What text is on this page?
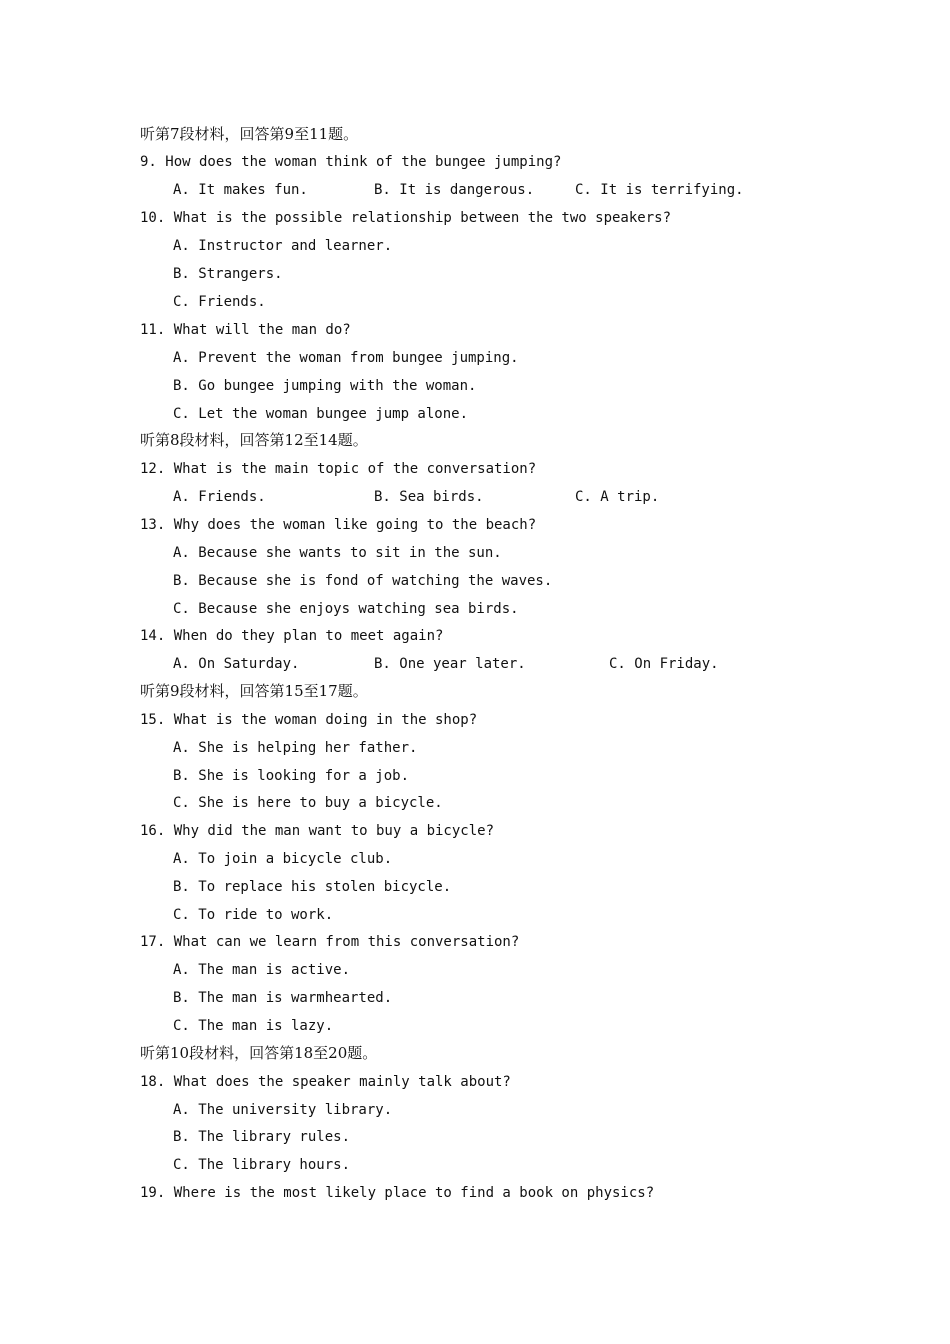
听第7段材料，回答第9至11题。
9. How does the woman think of the bungee jumping?

A. It makes fun.

	B. It is dangerous.

	C. It is terrifying.

10. What is the possible relationship between the two speakers?
A. Instructor and learner.
B. Strangers.
C. Friends.
11. What will the man do?
A. Prevent the woman from bungee jumping.
B. Go bungee jumping with the woman.
C. Let the woman bungee jump alone.
听第8段材料，回答第12至14题。
12. What is the main topic of the conversation?

A. Friends.

	B. Sea birds.

	C. A trip.

13. Why does the woman like going to the beach?
A. Because she wants to sit in the sun.
B. Because she is fond of watching the waves.
C. Because she enjoys watching sea birds.
14. When do they plan to meet again?

A. On Saturday.

	B. One year later.

	C. On Friday.

听第9段材料，回答第15至17题。
15. What is the woman doing in the shop?
A. She is helping her father.
B. She is looking for a job.
C. She is here to buy a bicycle.
16. Why did the man want to buy a bicycle?
A. To join a bicycle club.
B. To replace his stolen bicycle.
C. To ride to work.
17. What can we learn from this conversation?
A. The man is active.
B. The man is warmhearted.
C. The man is lazy.
听第10段材料，回答第18至20题。
18. What does the speaker mainly talk about?
A. The university library.
B. The library rules.
C. The library hours.
19. Where is the most likely place to find a book on physics?
